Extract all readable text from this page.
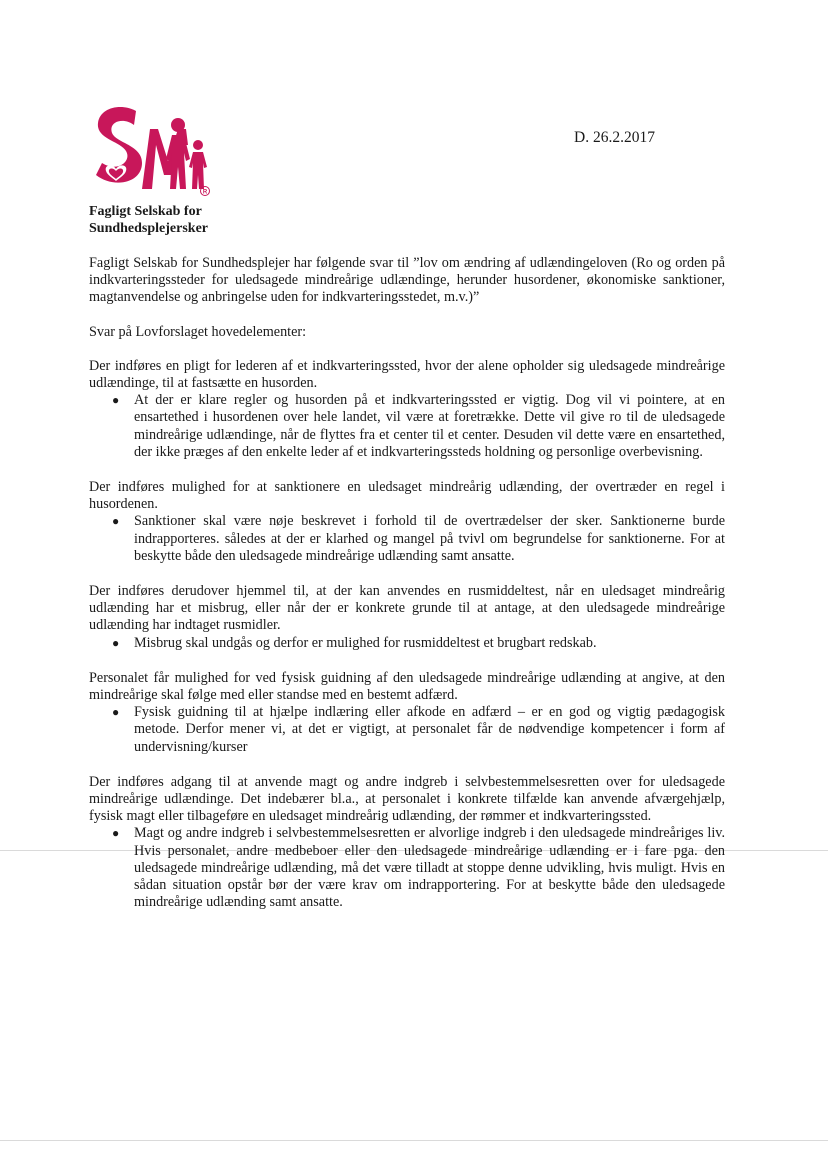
R
D. 26.2.2017
Fagligt Selskab for
Sundhedsplejersker

Fagligt Selskab for Sundhedsplejer har følgende svar til ”lov om ændring af udlændingeloven (Ro og orden på indkvarteringssteder for uledsagede mindreårige udlændinge, herunder husordener, økonomiske sanktioner, magtanvendelse og anbringelse uden for indkvarteringsstedet, m.v.)”

Svar på Lovforslaget hovedelementer:

Der indføres en pligt for lederen af et indkvarteringssted, hvor der alene opholder sig uledsagede mindreårige udlændinge, til at fastsætte en husorden.

● At der er klare regler og husorden på et indkvarteringssted er vigtig. Dog vil vi pointere, at en ensartethed i husordenen over hele landet, vil være at foretrække. Dette vil give ro til de uledsagede mindreårige udlændinge, når de flyttes fra et center til et center. Desuden vil dette være en ensartethed, der ikke præges af den enkelte leder af et indkvarteringssteds holdning og personlige overbevisning.

Der indføres mulighed for at sanktionere en uledsaget mindreårig udlænding, der overtræder en regel i husordenen.

● Sanktioner skal være nøje beskrevet i forhold til de overtrædelser der sker. Sanktionerne burde indrapporteres. således at der er klarhed og mangel på tvivl om begrundelse for sanktionerne. For at beskytte både den uledsagede mindreårige udlænding samt ansatte.

Der indføres derudover hjemmel til, at der kan anvendes en rusmiddeltest, når en uledsaget mindreårig udlænding har et misbrug, eller når der er konkrete grunde til at antage, at den uledsagede mindreårige udlænding har indtaget rusmidler.

● Misbrug skal undgås og derfor er mulighed for rusmiddeltest et brugbart redskab.

Personalet får mulighed for ved fysisk guidning af den uledsagede mindreårige udlænding at angive, at den mindreårige skal følge med eller standse med en bestemt adfærd.

● Fysisk guidning til at hjælpe indlæring eller afkode en adfærd – er en god og vigtig pædagogisk metode. Derfor mener vi, at det er vigtigt, at personalet får de nødvendige kompetencer i form af undervisning/kurser

Der indføres adgang til at anvende magt og andre indgreb i selvbestemmelsesretten over for uledsagede mindreårige udlændinge. Det indebærer bl.a., at personalet i konkrete tilfælde kan anvende afværgehjælp, fysisk magt eller tilbageføre en uledsaget mindreårig udlænding, der rømmer et indkvarteringssted.

● Magt og andre indgreb i selvbestemmelsesretten er alvorlige indgreb i den uledsagede mindreåriges liv. Hvis personalet, andre medbeboer eller den uledsagede mindreårige udlænding er i fare pga. den uledsagede mindreårige udlænding, må det være tilladt at stoppe denne udvikling, hvis muligt. Hvis en sådan situation opstår bør der være krav om indrapportering. For at beskytte både den uledsagede mindreårige udlænding samt ansatte.
